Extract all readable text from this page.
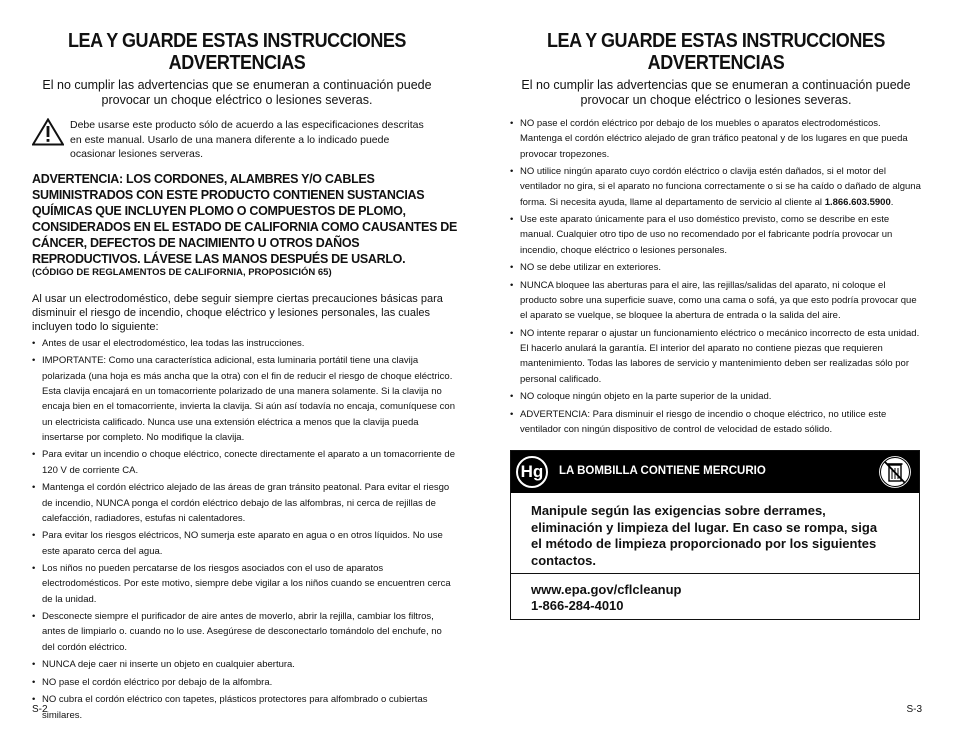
LEA Y GUARDE ESTAS INSTRUCCIONES
ADVERTENCIAS

El no cumplir las advertencias que se enumeran a continuación puede provocar un choque eléctrico o lesiones severas.

Debe usarse este producto sólo de acuerdo a las especificaciones descritas en este manual. Usarlo de una manera diferente a lo indicado puede ocasionar lesiones serveras.

ADVERTENCIA: LOS CORDONES, ALAMBRES Y/O CABLES SUMINISTRADOS CON ESTE PRODUCTO CONTIENEN SUSTANCIAS QUÍMICAS QUE INCLUYEN PLOMO O COMPUESTOS DE PLOMO, CONSIDERADOS EN EL ESTADO DE CALIFORNIA COMO CAUSANTES DE CÁNCER, DEFECTOS DE NACIMIENTO U OTROS DAÑOS REPRODUCTIVOS. LÁVESE LAS MANOS DESPUÉS DE USARLO.

(CÓDIGO DE REGLAMENTOS DE CALIFORNIA, PROPOSICIÓN 65)

Al usar un electrodoméstico, debe seguir siempre ciertas precauciones básicas para disminuir el riesgo de incendio, choque eléctrico y lesiones personales, las cuales incluyen todo lo siguiente:

• Antes de usar el electrodoméstico, lea todas las instrucciones.
• IMPORTANTE: Como una característica adicional, esta luminaria portátil tiene una clavija polarizada (una hoja es más ancha que la otra) con el fin de reducir el riesgo de choque eléctrico. Esta clavija encajará en un tomacorriente polarizado de una manera solamente. Si la clavija no encaja bien en el tomacorriente, invierta la clavija. Si aún así todavía no encaja, comuníquese con un electricista calificado. Nunca use una extensión eléctrica a menos que la clavija pueda insertarse por completo. No modifique la clavija.
• Para evitar un incendio o choque eléctrico, conecte directamente el aparato a un tomacorriente de 120 V de corriente CA.
• Mantenga el cordón eléctrico alejado de las áreas de gran tránsito peatonal. Para evitar el riesgo de incendio, NUNCA ponga el cordón eléctrico debajo de las alfombras, ni cerca de rejillas de calefacción, radiadores, estufas ni calentadores.
• Para evitar los riesgos eléctricos, NO sumerja este aparato en agua o en otros líquidos. No use este aparato cerca del agua.
• Los niños no pueden percatarse de los riesgos asociados con el uso de aparatos electrodomésticos. Por este motivo, siempre debe vigilar a los niños cuando se encuentren cerca de la unidad.
• Desconecte siempre el purificador de aire antes de moverlo, abrir la rejilla, cambiar los filtros, antes de limpiarlo o. cuando no lo use. Asegúrese de desconectarlo tomándolo del enchufe, no del cordón eléctrico.
• NUNCA deje caer ni inserte un objeto en cualquier abertura.
• NO pase el cordón eléctrico por debajo de la alfombra.
• NO cubra el cordón eléctrico con tapetes, plásticos protectores para alfombrado o cubiertas similares.
S-2
LEA Y GUARDE ESTAS INSTRUCCIONES
ADVERTENCIAS

El no cumplir las advertencias que se enumeran a continuación puede provocar un choque eléctrico o lesiones severas.

• NO pase el cordón eléctrico por debajo de los muebles o aparatos electrodomésticos. Mantenga el cordón eléctrico alejado de gran tráfico peatonal y de los lugares en que pueda provocar tropezones.
• NO utilice ningún aparato cuyo cordón eléctrico o clavija estén dañados, si el motor del ventilador no gira, si el aparato no funciona correctamente o si se ha caído o dañado de alguna forma. Si necesita ayuda, llame al departamento de servicio al cliente al 1.866.603.5900.
• Use este aparato únicamente para el uso doméstico previsto, como se describe en este manual. Cualquier otro tipo de uso no recomendado por el fabricante podría provocar un incendio, choque eléctrico o lesiones personales.
• NO se debe utilizar en exteriores.
• NUNCA bloquee las aberturas para el aire, las rejillas/salidas del aparato, ni coloque el producto sobre una superficie suave, como una cama o sofá, ya que esto podría provocar que el aparato se vuelque, se bloquee la abertura de entrada o la salida del aire.
• NO intente reparar o ajustar un funcionamiento eléctrico o mecánico incorrecto de esta unidad. El hacerlo anulará la garantía. El interior del aparato no contiene piezas que requieren mantenimiento. Todas las labores de servicio y mantenimiento deben ser realizadas sólo por personal calificado.
• NO coloque ningún objeto en la parte superior de la unidad.
• ADVERTENCIA: Para disminuir el riesgo de incendio o choque eléctrico, no utilice este ventilador con ningún dispositivo de control de velocidad de estado sólido.
Hg	LA BOMBILLA CONTIENE MERCURIO

Manipule según las exigencias sobre derrames, eliminación y limpieza del lugar. En caso se rompa, siga el método de limpieza proporcionado por los siguientes contactos.

www.epa.gov/cflcleanup
1-866-284-4010
S-3
